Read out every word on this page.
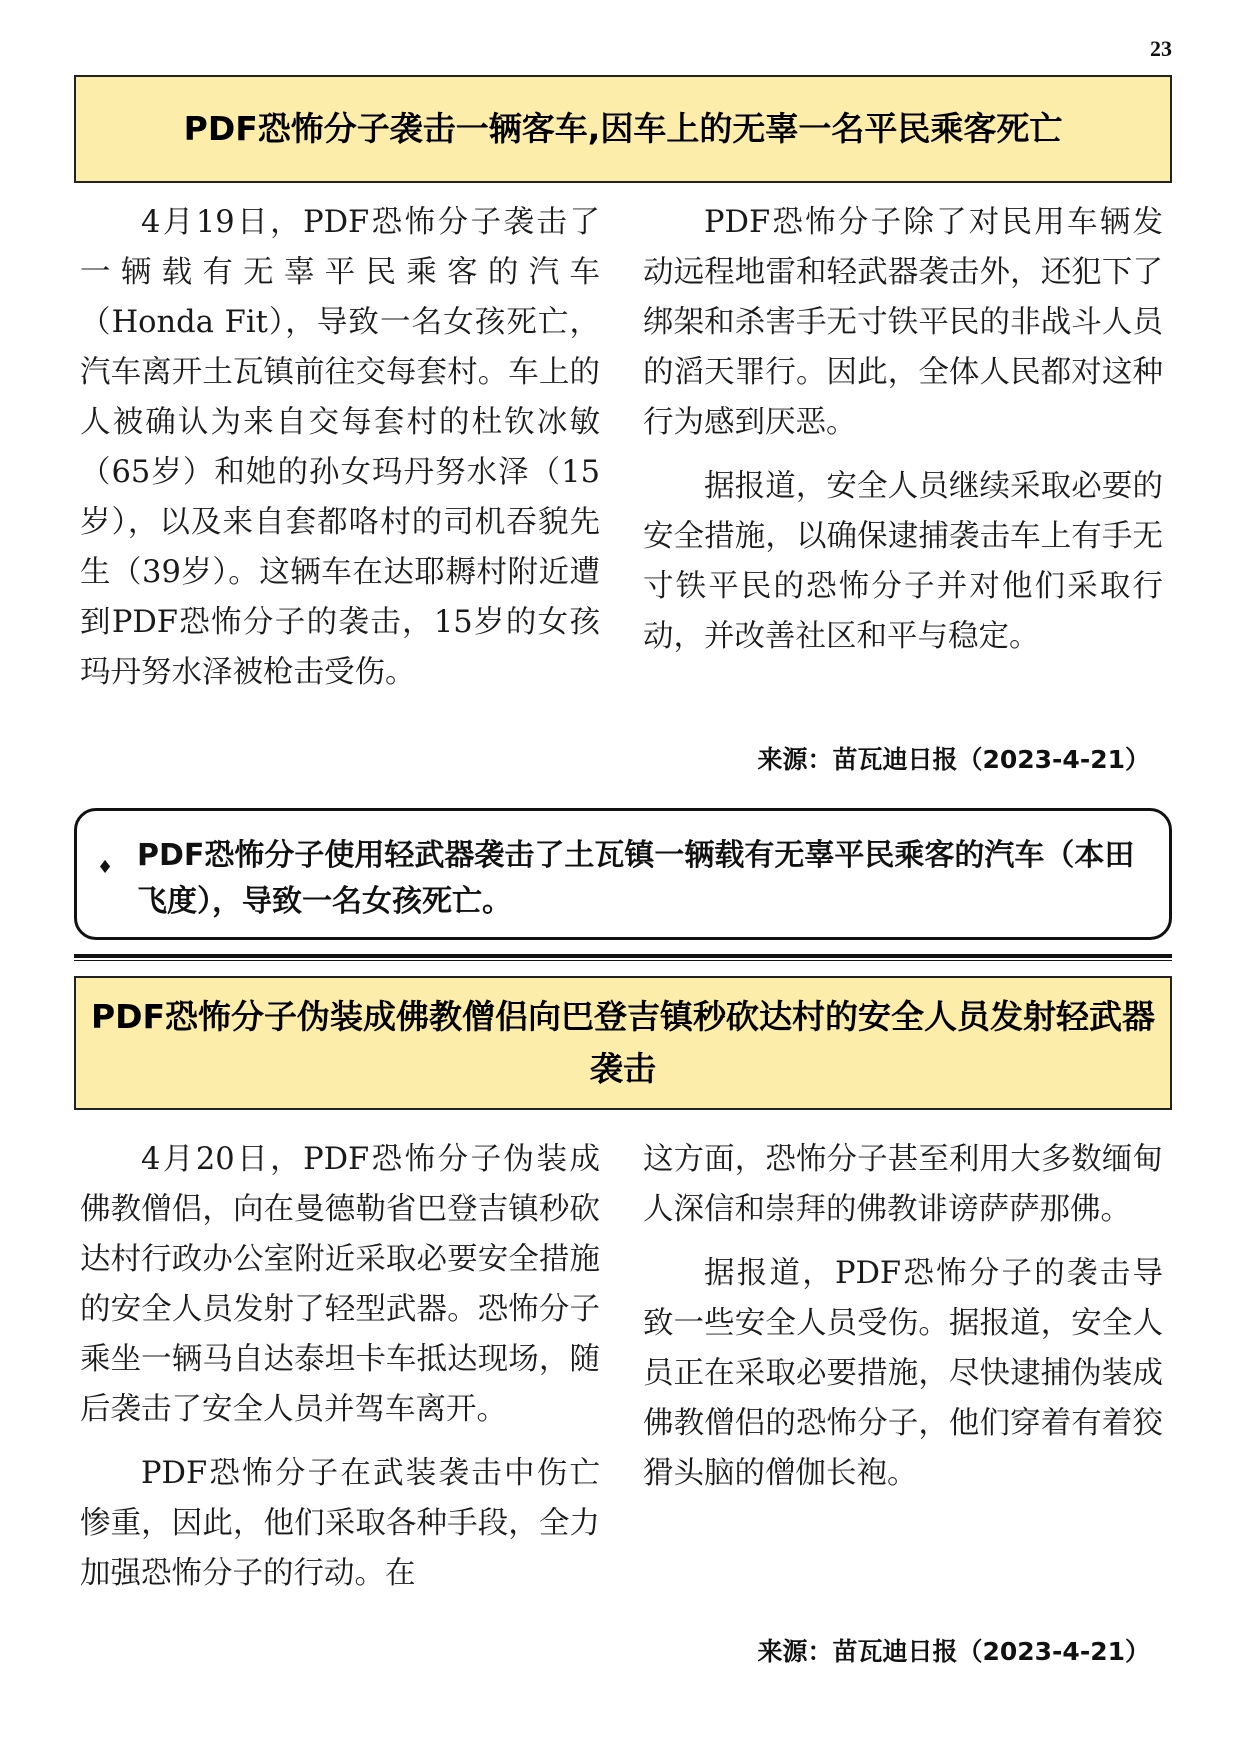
23
PDF恐怖分子袭击一辆客车,因车上的无辜一名平民乘客死亡

4月19日，PDF恐怖分子袭击了一辆载有无辜平民乘客的汽车（Honda Fit），导致一名女孩死亡，汽车离开土瓦镇前往交每套村。车上的人被确认为来自交每套村的杜钦冰敏（65岁）和她的孙女玛丹努水泽（15岁），以及来自套都咯村的司机吞貌先生（39岁）。这辆车在达耶耨村附近遭到PDF恐怖分子的袭击，15岁的女孩玛丹努水泽被枪击受伤。

PDF恐怖分子除了对民用车辆发动远程地雷和轻武器袭击外，还犯下了绑架和杀害手无寸铁平民的非战斗人员的滔天罪行。因此，全体人民都对这种行为感到厌恶。

据报道，安全人员继续采取必要的安全措施，以确保逮捕袭击车上有手无寸铁平民的恐怖分子并对他们采取行动，并改善社区和平与稳定。

来源：苗瓦迪日报（2023-4-21）
♦ PDF恐怖分子使用轻武器袭击了土瓦镇一辆载有无辜平民乘客的汽车（本田飞度），导致一名女孩死亡。
PDF恐怖分子伪装成佛教僧侣向巴登吉镇秒砍达村的安全人员发射轻武器袭击

4月20日，PDF恐怖分子伪装成佛教僧侣，向在曼德勒省巴登吉镇秒砍达村行政办公室附近采取必要安全措施的安全人员发射了轻型武器。恐怖分子乘坐一辆马自达泰坦卡车抵达现场，随后袭击了安全人员并驾车离开。

PDF恐怖分子在武装袭击中伤亡惨重，因此，他们采取各种手段，全力加强恐怖分子的行动。在

这方面，恐怖分子甚至利用大多数缅甸人深信和崇拜的佛教诽谤萨萨那佛。

据报道，PDF恐怖分子的袭击导致一些安全人员受伤。据报道，安全人员正在采取必要措施，尽快逮捕伪装成佛教僧侣的恐怖分子，他们穿着有着狡猾头脑的僧伽长袍。

来源：苗瓦迪日报（2023-4-21）
